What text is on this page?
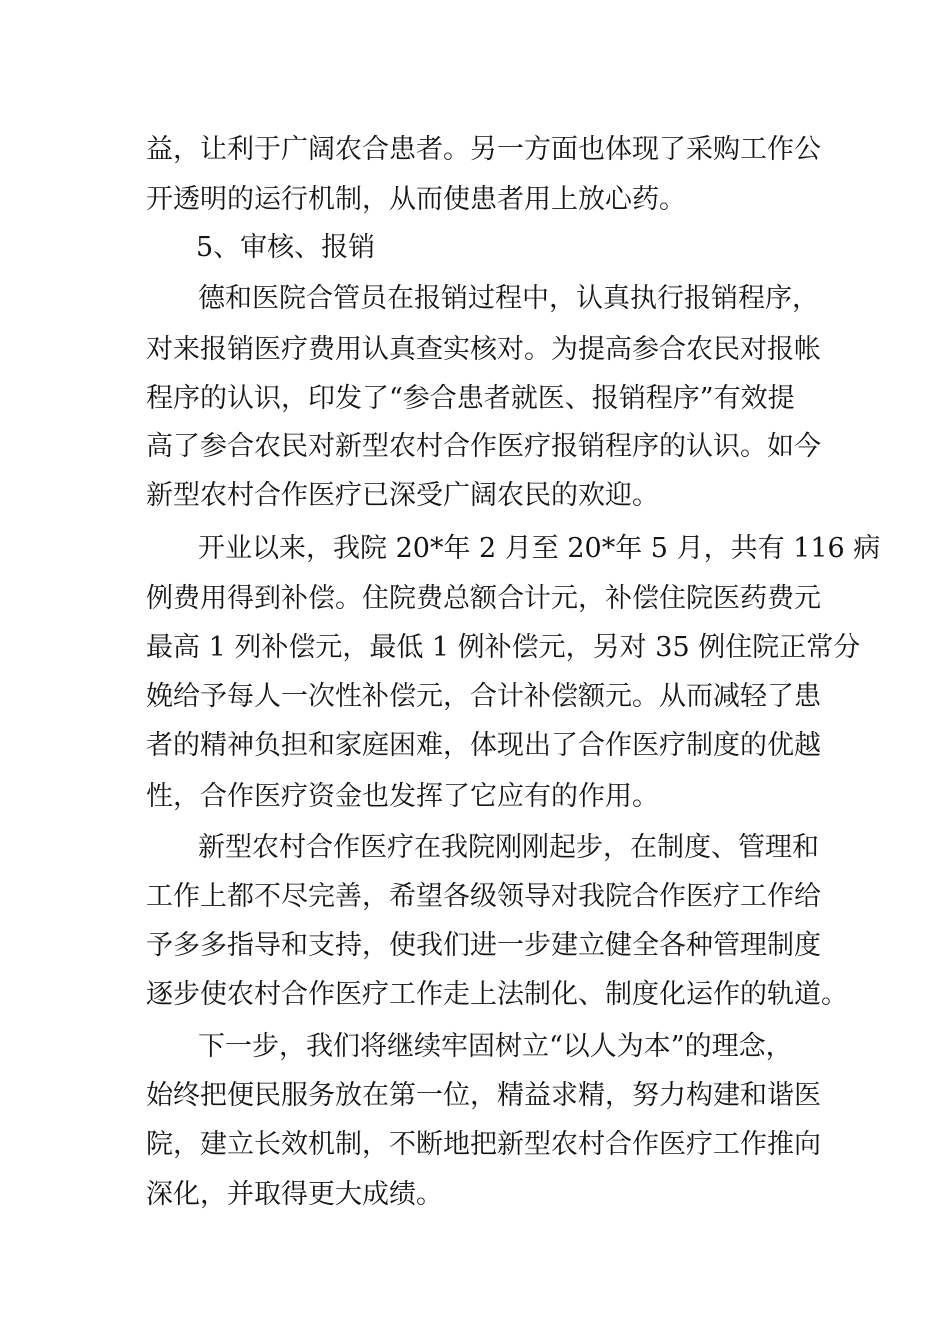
益，让利于广阔农合患者。另一方面也体现了采购工作公
开透明的运行机制，从而使患者用上放心药。
5、审核、报销
德和医院合管员在报销过程中，认真执行报销程序，
对来报销医疗费用认真查实核对。为提高参合农民对报帐
程序的认识，印发了“参合患者就医、报销程序”有效提
高了参合农民对新型农村合作医疗报销程序的认识。如今
新型农村合作医疗已深受广阔农民的欢迎。
开业以来，我院 20*年 2 月至 20*年 5 月，共有 116 病
例费用得到补偿。住院费总额合计元，补偿住院医药费元
最高 1 列补偿元，最低 1 例补偿元，另对 35 例住院正常分
娩给予每人一次性补偿元，合计补偿额元。从而减轻了患
者的精神负担和家庭困难，体现出了合作医疗制度的优越
性，合作医疗资金也发挥了它应有的作用。
新型农村合作医疗在我院刚刚起步，在制度、管理和
工作上都不尽完善，希望各级领导对我院合作医疗工作给
予多多指导和支持，使我们进一步建立健全各种管理制度
逐步使农村合作医疗工作走上法制化、制度化运作的轨道。
下一步，我们将继续牢固树立“以人为本”的理念，
始终把便民服务放在第一位，精益求精，努力构建和谐医
院，建立长效机制，不断地把新型农村合作医疗工作推向
深化，并取得更大成绩。
